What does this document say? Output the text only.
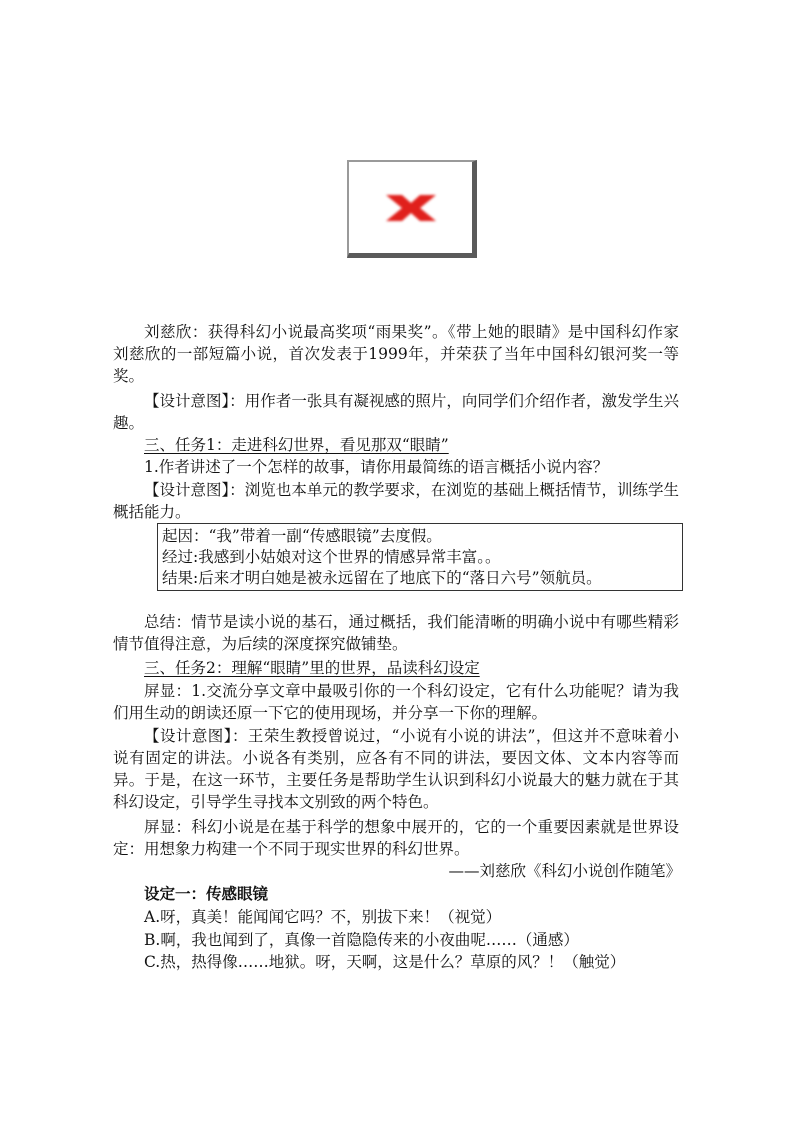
刘慈欣：获得科幻小说最高奖项“雨果奖”。《带上她的眼睛》是中国科幻作家刘慈欣的一部短篇小说，首次发表于1999年，并荣获了当年中国科幻银河奖一等奖。

【设计意图】：用作者一张具有凝视感的照片，向同学们介绍作者，激发学生兴趣。

三、任务1：走进科幻世界，看见那双“眼睛”

1.作者讲述了一个怎样的故事，请你用最简练的语言概括小说内容？

【设计意图】：浏览也本单元的教学要求，在浏览的基础上概括情节，训练学生概括能力。

起因：“我”带着一副“传感眼镜”去度假。
经过:我感到小姑娘对这个世界的情感异常丰富。。
结果:后来才明白她是被永远留在了地底下的“落日六号”领航员。

总结：情节是读小说的基石，通过概括，我们能清晰的明确小说中有哪些精彩情节值得注意，为后续的深度探究做铺垫。

三、任务2：理解“眼睛”里的世界，品读科幻设定

屏显：1.交流分享文章中最吸引你的一个科幻设定，它有什么功能呢？请为我们用生动的朗读还原一下它的使用现场，并分享一下你的理解。

【设计意图】：王荣生教授曾说过，“小说有小说的讲法”，但这并不意味着小说有固定的讲法。小说各有类别，应各有不同的讲法，要因文体、文本内容等而异。于是，在这一环节，主要任务是帮助学生认识到科幻小说最大的魅力就在于其科幻设定，引导学生寻找本文别致的两个特色。

屏显：科幻小说是在基于科学的想象中展开的，它的一个重要因素就是世界设定：用想象力构建一个不同于现实世界的科幻世界。

——刘慈欣《科幻小说创作随笔》

设定一：传感眼镜

A.呀，真美！能闻闻它吗？不，别拔下来！（视觉）

B.啊，我也闻到了，真像一首隐隐传来的小夜曲呢……（通感）

C.热，热得像……地狱。呀，天啊，这是什么？草原的风？！（触觉）
